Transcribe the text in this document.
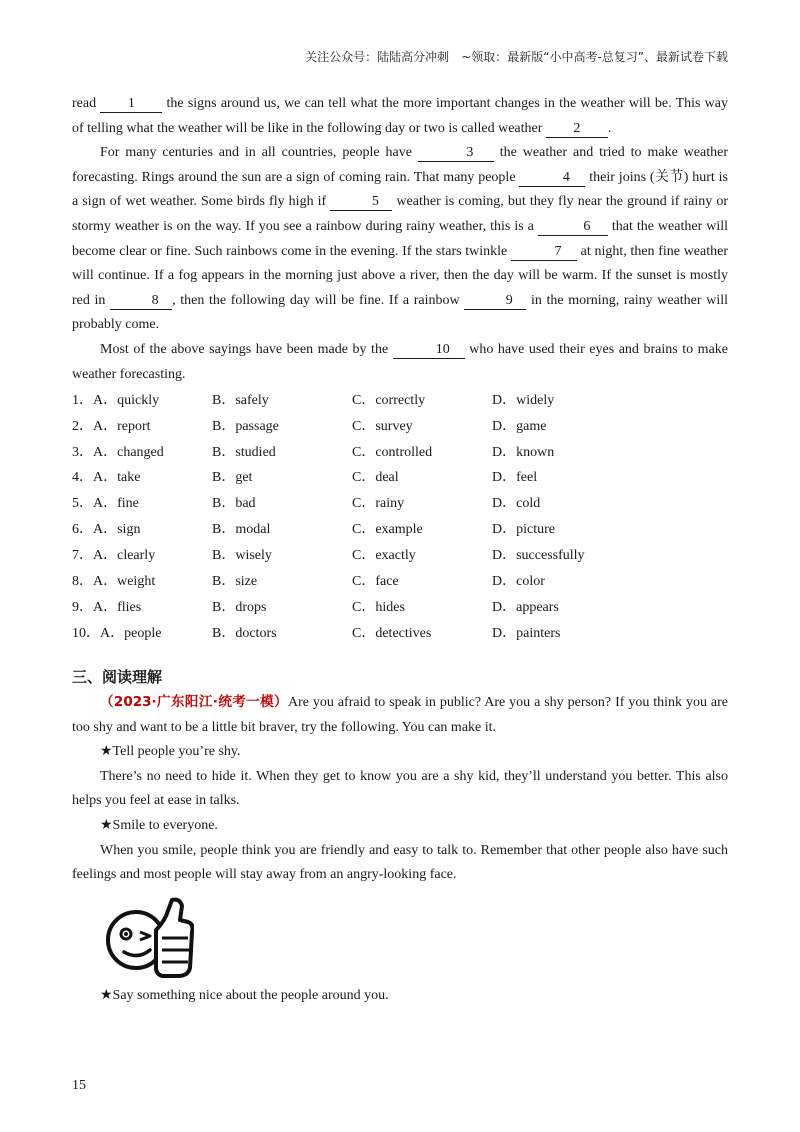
关注公众号：陆陆高分冲刺　~领取：最新版“小中高考-总复习”、最新试卷下载

read 1 the signs around us, we can tell what the more important changes in the weather will be. This way of telling what the weather will be like in the following day or two is called weather 2 .

For many centuries and in all countries, people have	3 the weather and tried to make weather forecasting. Rings around the sun are a sign of coming rain. That many people	4 their joins (关节) hurt is a sign of wet weather. Some birds fly high if	5 weather is coming, but they fly near the ground if rainy or stormy weather is on the way. If you see a rainbow during rainy weather, this is a	6 that the weather will become clear or fine. Such rainbows come in the evening. If the stars twinkle	7 at night, then fine weather will continue. If a fog appears in the morning just above a river, then the day will be warm. If the sunset is mostly red in	8 , then the following day will be fine. If a rainbow	9 in the morning, rainy weather will probably come.

Most of the above sayings have been made by the	10 who have used their eyes and brains to make weather forecasting.

1．A．quickly	B．safely	C．correctly	D．widely
2．A．report	B．passage	C．survey	D．game
3．A．changed	B．studied	C．controlled	D．known
4．A．take	B．get	C．deal	D．feel
5．A．fine	B．bad	C．rainy	D．cold
6．A．sign	B．modal	C．example	D．picture
7．A．clearly	B．wisely	C．exactly	D．successfully
8．A．weight	B．size	C．face	D．color
9．A．flies	B．drops	C．hides	D．appears
10．A．people	B．doctors	C．detectives	D．painters
三、阅读理解

（2023·广东阳江·统考一模）Are you afraid to speak in public? Are you a shy person? If you think you are too shy and want to be a little bit braver, try the following. You can make it.

★Tell people you’re shy.

There’s no need to hide it. When they get to know you are a shy kid, they’ll understand you better. This also helps you feel at ease in talks.

★Smile to everyone.

When you smile, people think you are friendly and easy to talk to. Remember that other people also have such feelings and most people will stay away from an angry-looking face.

★Say something nice about the people around you.

15
